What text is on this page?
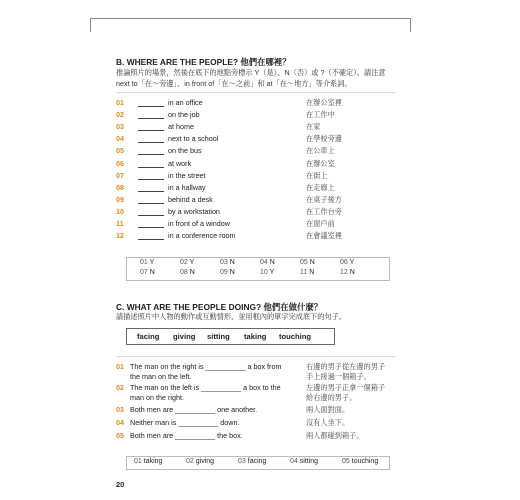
B. WHERE ARE THE PEOPLE? 他們在哪裡？
推論照片的場景，然後在底下的地點旁標示 Y（是）、N（否）或 ?（不確定）。請注意
next to「在～旁邊」、in front of「在～之前」和 at「在～地方」等介系詞。
01	in an office	在辦公室裡
02	on the job	在工作中
03	at home	在家
04	next to a school	在學校旁邊
05	on the bus	在公車上
06	at work	在辦公室
07	in the street	在街上
08	in a hallway	在走廊上
09	behind a desk	在桌子後方
10	by a workstation	在工作台旁
11	in front of a window	在窗戶前
12	in a conference room	在會議室裡
01 Y	02 Y	03 N	04 N	05 N	06 Y
07 N	08 N	09 N	10 Y	11 N	12 N
C. WHAT ARE THE PEOPLE DOING? 他們在做什麼？
請描述照片中人物的動作或互動情形，並用框內的單字完成底下的句子。
facing giving sitting taking touching
01 The man on the right is __________ a box from
the man on the left.
右邊的男子從左邊的男子
手上接過一個箱子。
02 The man on the left is __________ a box to the
man on the right.
左邊的男子正拿一個箱子
給右邊的男子。
03 Both men are __________ one another.	兩人面對面。
04 Neither man is __________ down.	沒有人坐下。
05 Both men are __________ the box.	兩人都碰到箱子。
01 taking	02 giving	03 facing	04 sitting	05 touching
20
